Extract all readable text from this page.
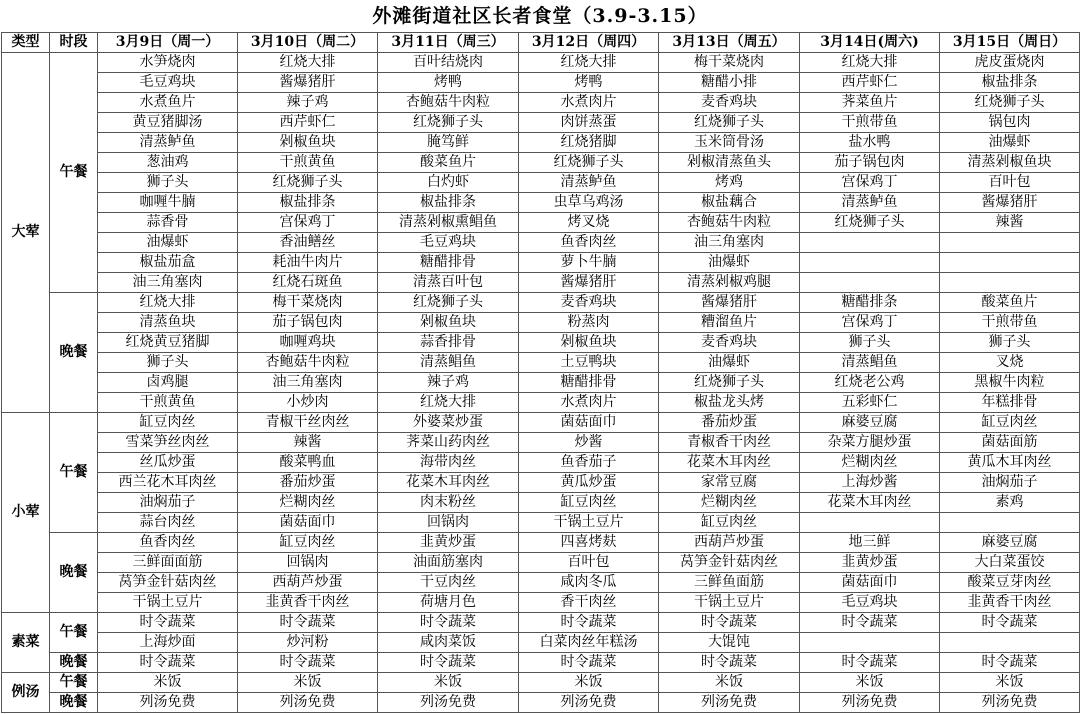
外滩街道社区长者食堂（3.9-3.15）
类型	时段	3月9日（周一）	3月10日（周二）	3月11日（周三）	3月12日（周四）	3月13日（周五）	3月14日(周六)	3月15日（周日）
大荤	午餐	水笋烧肉	红烧大排	百叶结烧肉	红烧大排	梅干菜烧肉	红烧大排	虎皮蛋烧肉
		毛豆鸡块	酱爆猪肝	烤鸭	烤鸭	糖醋小排	西芹虾仁	椒盐排条
		水煮鱼片	辣子鸡	杏鲍菇牛肉粒	水煮肉片	麦香鸡块	荠菜鱼片	红烧狮子头
		黄豆猪脚汤	西芹虾仁	红烧狮子头	肉饼蒸蛋	红烧狮子头	干煎带鱼	锅包肉
		清蒸鲈鱼	剁椒鱼块	腌笃鲜	红烧猪脚	玉米筒骨汤	盐水鸭	油爆虾
		葱油鸡	干煎黄鱼	酸菜鱼片	红烧狮子头	剁椒清蒸鱼头	茄子锅包肉	清蒸剁椒鱼块
		狮子头	红烧狮子头	白灼虾	清蒸鲈鱼	烤鸡	宫保鸡丁	百叶包
		咖喱牛腩	椒盐排条	椒盐排条	虫草乌鸡汤	椒盐藕合	清蒸鲈鱼	酱爆猪肝
		蒜香骨	宫保鸡丁	清蒸剁椒熏鲳鱼	烤叉烧	杏鲍菇牛肉粒	红烧狮子头	辣酱
		油爆虾	香油鳝丝	毛豆鸡块	鱼香肉丝	油三角塞肉		
		椒盐茄盒	耗油牛肉片	糖醋排骨	萝卜牛腩	油爆虾		
		油三角塞肉	红烧石斑鱼	清蒸百叶包	酱爆猪肝	清蒸剁椒鸡腿		
	晚餐	红烧大排	梅干菜烧肉	红烧狮子头	麦香鸡块	酱爆猪肝	糖醋排条	酸菜鱼片
		清蒸鱼块	茄子锅包肉	剁椒鱼块	粉蒸肉	糟溜鱼片	宫保鸡丁	干煎带鱼
		红烧黄豆猪脚	咖喱鸡块	蒜香排骨	剁椒鱼块	麦香鸡块	狮子头	狮子头
		狮子头	杏鲍菇牛肉粒	清蒸鲳鱼	土豆鸭块	油爆虾	清蒸鲳鱼	叉烧
		卤鸡腿	油三角塞肉	辣子鸡	糖醋排骨	红烧狮子头	红烧老公鸡	黑椒牛肉粒
		干煎黄鱼	小炒肉	红烧大排	水煮肉片	椒盐龙头烤	五彩虾仁	年糕排骨
小荤	午餐	缸豆肉丝	青椒干丝肉丝	外婆菜炒蛋	菌菇面巾	番茄炒蛋	麻婆豆腐	缸豆肉丝
		雪菜笋丝肉丝	辣酱	荠菜山药肉丝	炒酱	青椒香干肉丝	杂菜方腿炒蛋	菌菇面筋
		丝瓜炒蛋	酸菜鸭血	海带肉丝	鱼香茄子	花菜木耳肉丝	烂糊肉丝	黄瓜木耳肉丝
		西兰花木耳肉丝	番茄炒蛋	花菜木耳肉丝	黄瓜炒蛋	家常豆腐	上海炒酱	油焖茄子
		油焖茄子	烂糊肉丝	肉末粉丝	缸豆肉丝	烂糊肉丝	花菜木耳肉丝	素鸡
		蒜台肉丝	菌菇面巾	回锅肉	干锅土豆片	缸豆肉丝		
	晚餐	鱼香肉丝	缸豆肉丝	韭黄炒蛋	四喜烤麸	西葫芦炒蛋	地三鲜	麻婆豆腐
		三鲜面面筋	回锅肉	油面筋塞肉	百叶包	莴笋金针菇肉丝	韭黄炒蛋	大白菜蛋饺
		莴笋金针菇肉丝	西葫芦炒蛋	干豆肉丝	咸肉冬瓜	三鲜鱼面筋	菌菇面巾	酸菜豆芽肉丝
		干锅土豆片	韭黄香干肉丝	荷塘月色	香干肉丝	干锅土豆片	毛豆鸡块	韭黄香干肉丝
素菜	午餐	时令蔬菜	时令蔬菜	时令蔬菜	时令蔬菜	时令蔬菜	时令蔬菜	时令蔬菜
		上海炒面	炒河粉	咸肉菜饭	白菜肉丝年糕汤	大馄饨		
	晚餐	时令蔬菜	时令蔬菜	时令蔬菜	时令蔬菜	时令蔬菜	时令蔬菜	时令蔬菜
例汤	午餐	米饭	米饭	米饭	米饭	米饭	米饭	米饭
	晚餐	列汤免费	列汤免费	列汤免费	列汤免费	列汤免费	列汤免费	列汤免费
